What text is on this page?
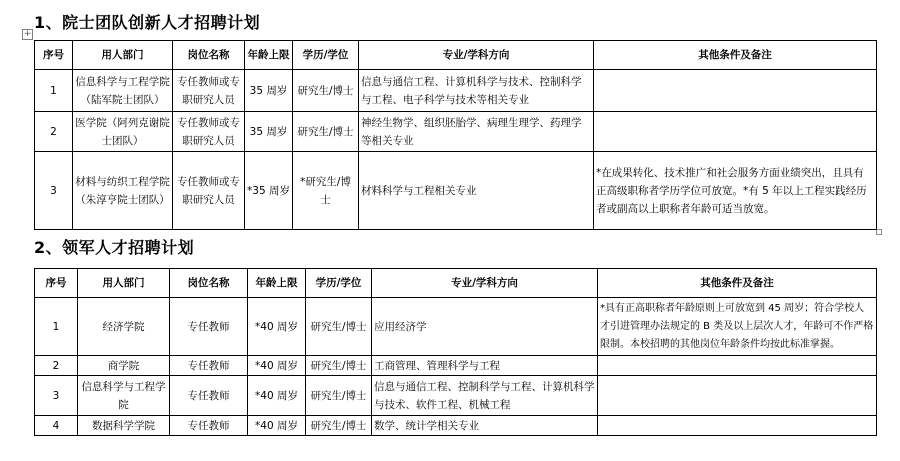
1、院士团队创新人才招聘计划
+
序号	用人部门	岗位名称	年龄上限	学历/学位	专业/学科方向	其他条件及备注
1	信息科学与工程学院（陆军院士团队）	专任教师或专职研究人员	35 周岁	研究生/博士	信息与通信工程、计算机科学与技术、控制科学与工程、电子科学与技术等相关专业	
2	医学院（阿列克谢院士团队）	专任教师或专职研究人员	35 周岁	研究生/博士	神经生物学、组织胚胎学、病理生理学、药理学等相关专业	
3	材料与纺织工程学院（朱淳亨院士团队）	专任教师或专职研究人员	*35 周岁	*研究生/博士	材料科学与工程相关专业	*在成果转化、技术推广和社会服务方面业绩突出，且具有正高级职称者学历学位可放宽。*有 5 年以上工程实践经历者或副高以上职称者年龄可适当放宽。
2、领军人才招聘计划
序号	用人部门	岗位名称	年龄上限	学历/学位	专业/学科方向	其他条件及备注
1	经济学院	专任教师	*40 周岁	研究生/博士	应用经济学	*具有正高职称者年龄原则上可放宽到 45 周岁；符合学校人才引进管理办法规定的 B 类及以上层次人才，年龄可不作严格限制。本校招聘的其他岗位年龄条件均按此标准掌握。
2	商学院	专任教师	*40 周岁	研究生/博士	工商管理、管理科学与工程	
3	信息科学与工程学院	专任教师	*40 周岁	研究生/博士	信息与通信工程、控制科学与工程、计算机科学与技术、软件工程、机械工程	
4	数据科学学院	专任教师	*40 周岁	研究生/博士	数学、统计学相关专业	
